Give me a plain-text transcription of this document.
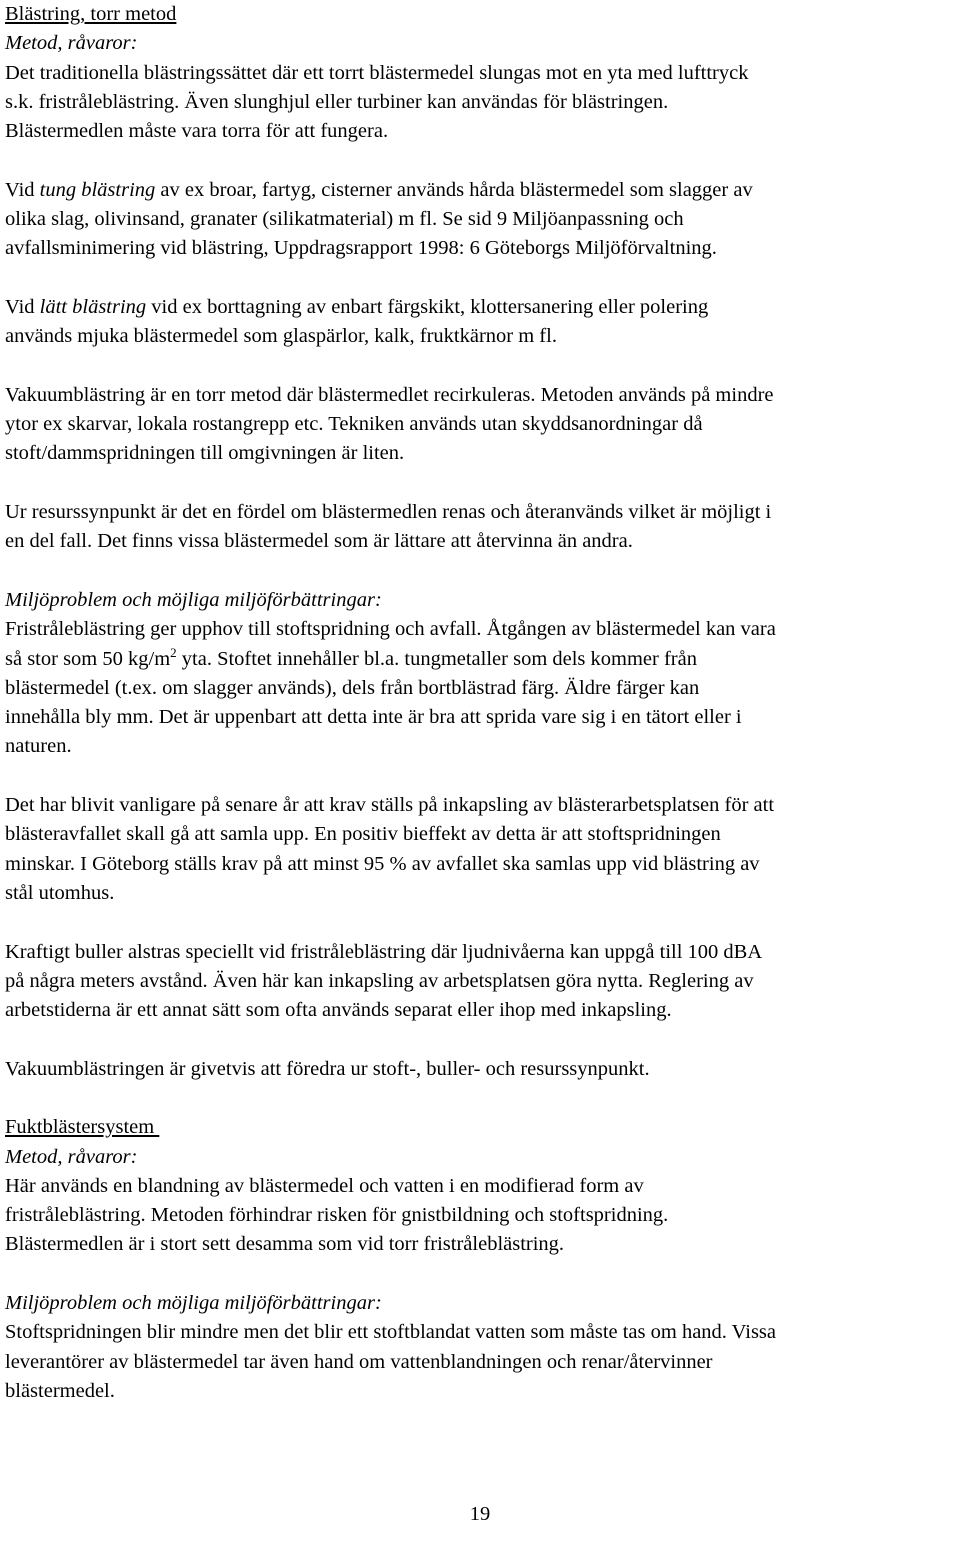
Blästring, torr metod
Metod, råvaror:
Det traditionella blästringssättet där ett torrt blästermedel slungas mot en yta med lufttryck
s.k. fristråleblästring. Även slunghjul eller turbiner kan användas för blästringen.
Blästermedlen måste vara torra för att fungera.
Vid tung blästring av ex broar, fartyg, cisterner används hårda blästermedel som slagger av
olika slag, olivinsand, granater (silikatmaterial) m fl. Se sid 9 Miljöanpassning och
avfallsminimering vid blästring, Uppdragsrapport 1998: 6 Göteborgs Miljöförvaltning.
Vid lätt blästring vid ex borttagning av enbart färgskikt, klottersanering eller polering
används mjuka blästermedel som glaspärlor, kalk, fruktkärnor m fl.
Vakuumblästring är en torr metod där blästermedlet recirkuleras. Metoden används på mindre
ytor ex skarvar, lokala rostangrepp etc. Tekniken används utan skyddsanordningar då
stoft/dammspridningen till omgivningen är liten.
Ur resurssynpunkt är det en fördel om blästermedlen renas och återanvänds vilket är möjligt i
en del fall. Det finns vissa blästermedel som är lättare att återvinna än andra.
Miljöproblem och möjliga miljöförbättringar:
Fristråleblästring ger upphov till stoftspridning och avfall. Åtgången av blästermedel kan vara
så stor som 50 $kg/m^2$ yta. Stoftet innehåller bl.a. tungmetaller som dels kommer från
blästermedel (t.ex. om slagger används), dels från bortblästrad färg. Äldre färger kan
innehålla bly mm. Det är uppenbart att detta inte är bra att sprida vare sig i en tätort eller i
naturen.
Det har blivit vanligare på senare år att krav ställs på inkapsling av blästerarbetsplatsen för att
blästeravfallet skall gå att samla upp. En positiv bieffekt av detta är att stoftspridningen
minskar. I Göteborg ställs krav på att minst 95 % av avfallet ska samlas upp vid blästring av
stål utomhus.
Kraftigt buller alstras speciellt vid fristråleblästring där ljudnivåerna kan uppgå till 100 dBA
på några meters avstånd. Även här kan inkapsling av arbetsplatsen göra nytta. Reglering av
arbetstiderna är ett annat sätt som ofta används separat eller ihop med inkapsling.
Vakuumblästringen är givetvis att föredra ur stoft-, buller- och resurssynpunkt.
Fuktblästersystem
Metod, råvaror:
Här används en blandning av blästermedel och vatten i en modifierad form av
fristråleblästring. Metoden förhindrar risken för gnistbildning och stoftspridning.
Blästermedlen är i stort sett desamma som vid torr fristråleblästring.
Miljöproblem och möjliga miljöförbättringar:
Stoftspridningen blir mindre men det blir ett stoftblandat vatten som måste tas om hand. Vissa
leverantörer av blästermedel tar även hand om vattenblandningen och renar/återvinner
blästermedel.
19
